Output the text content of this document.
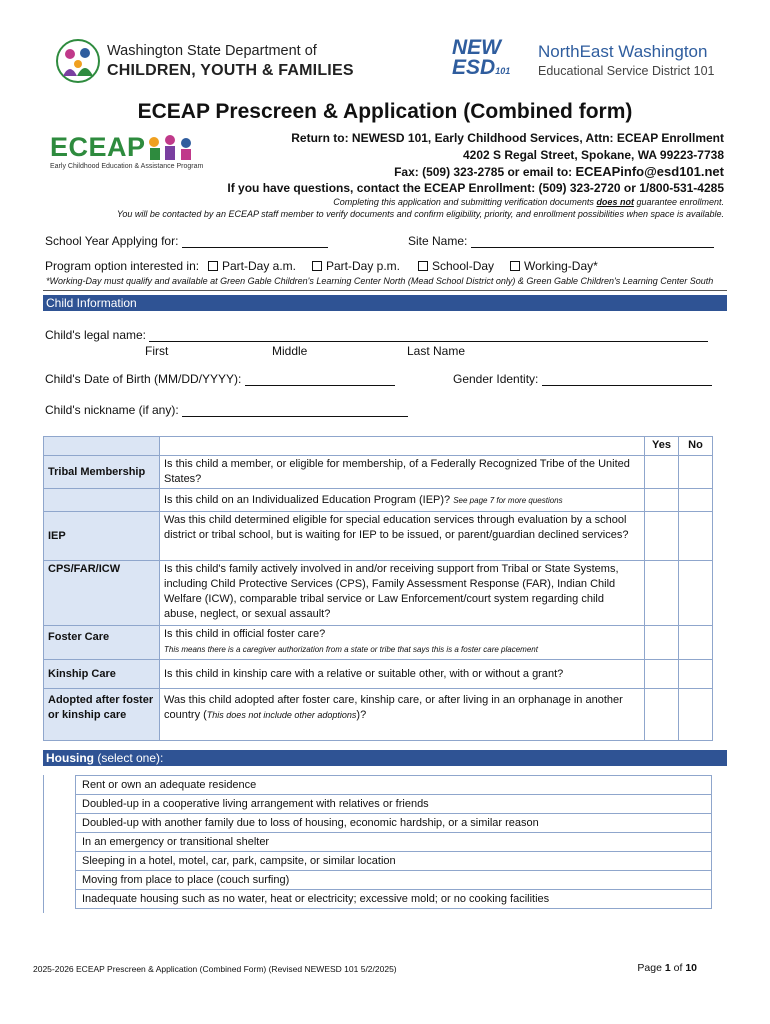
Washington State Department of
CHILDREN, YOUTH & FAMILIES
NEW
ESD101
NorthEast Washington
Educational Service District 101
ECEAP Prescreen & Application (Combined form)
ECEAP
Early Childhood Education & Assistance Program
Return to: NEWESD 101, Early Childhood Services, Attn: ECEAP Enrollment
4202 S Regal Street, Spokane, WA 99223-7738
Fax: (509) 323-2785 or email to: ECEAPinfo@esd101.net
If you have questions, contact the ECEAP Enrollment: (509) 323-2720 or 1/800-531-4285
Completing this application and submitting verification documents does not guarantee enrollment.
You will be contacted by an ECEAP staff member to verify documents and confirm eligibility, priority, and enrollment possibilities when space is available.
School Year Applying for:	Site Name:
Program option interested in:	Part-Day a.m.	Part-Day p.m.	School-Day	Working-Day*
*Working-Day must qualify and available at Green Gable Children's Learning Center North (Mead School District only) & Green Gable Children's Learning Center South
Child Information
Child's legal name:
First	Middle	Last Name
Child's Date of Birth (MM/DD/YYYY):	Gender Identity:
Child's nickname (if any):
		Yes	No
Tribal Membership	Is this child a member, or eligible for membership, of a Federally Recognized Tribe of the United States?		
	Is this child on an Individualized Education Program (IEP)? See page 7 for more questions		
IEP	Was this child determined eligible for special education services through evaluation by a school district or tribal school, but is waiting for IEP to be issued, or parent/guardian declined services?		
CPS/FAR/ICW	Is this child's family actively involved in and/or receiving support from Tribal or State Systems, including Child Protective Services (CPS), Family Assessment Response (FAR), Indian Child Welfare (ICW), comparable tribal service or Law Enforcement/court system regarding child abuse, neglect, or sexual assault?		
Foster Care	Is this child in official foster care?
This means there is a caregiver authorization from a state or tribe that says this is a foster care placement		

Kinship Care	Is this child in kinship care with a relative or suitable other, with or without a grant?		
Adopted after foster or kinship care	Was this child adopted after foster care, kinship care, or after living in an orphanage in another country (This does not include other adoptions)?		
Housing (select one):
Rent or own an adequate residence
Doubled-up in a cooperative living arrangement with relatives or friends
Doubled-up with another family due to loss of housing, economic hardship, or a similar reason
In an emergency or transitional shelter
Sleeping in a hotel, motel, car, park, campsite, or similar location
Moving from place to place (couch surfing)
Inadequate housing such as no water, heat or electricity; excessive mold; or no cooking facilities
2025-2026 ECEAP Prescreen & Application (Combined Form) (Revised NEWESD 101 5/2/2025)	Page 1 of 10
